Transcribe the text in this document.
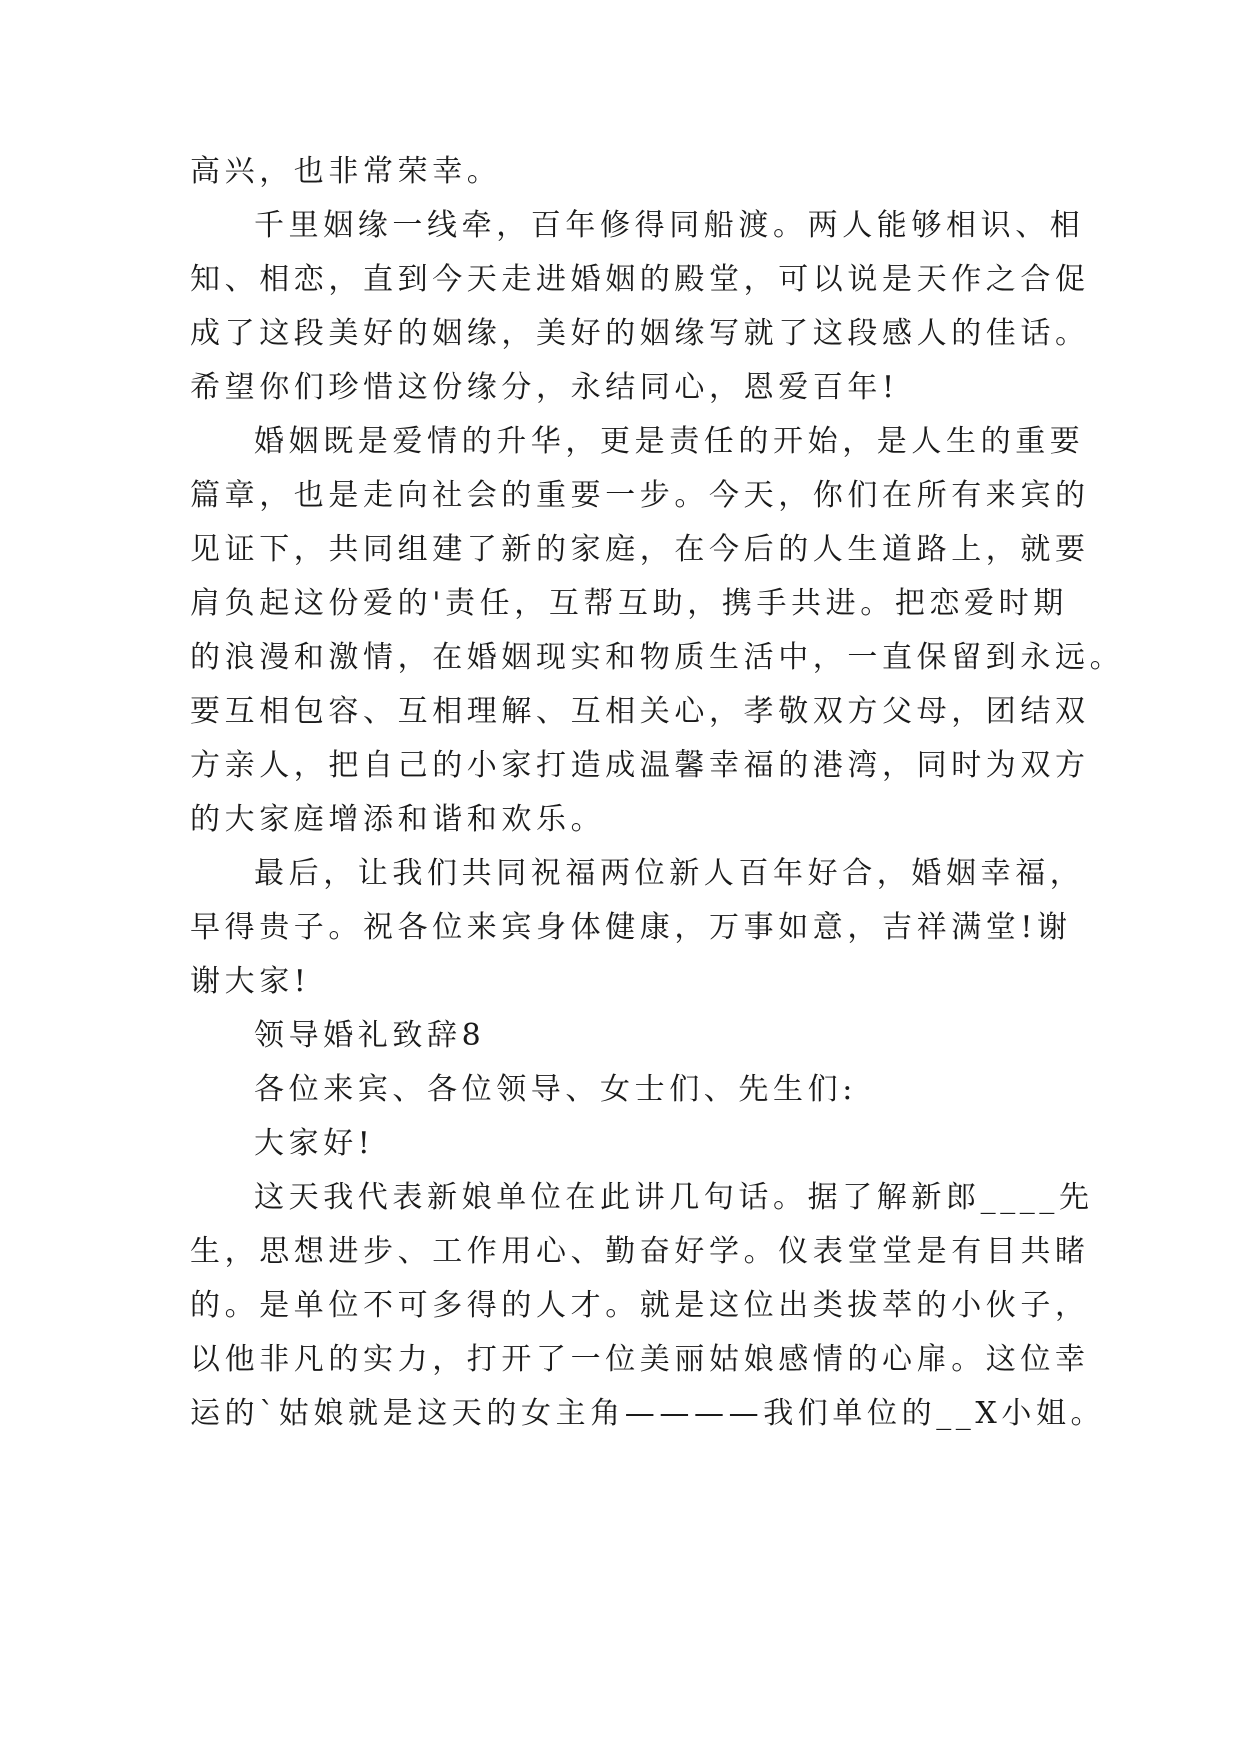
高兴，也非常荣幸。
千里姻缘一线牵，百年修得同船渡。两人能够相识、相
知、相恋，直到今天走进婚姻的殿堂，可以说是天作之合促
成了这段美好的姻缘，美好的姻缘写就了这段感人的佳话。
希望你们珍惜这份缘分，永结同心，恩爱百年!
婚姻既是爱情的升华，更是责任的开始，是人生的重要
篇章，也是走向社会的重要一步。今天，你们在所有来宾的
见证下，共同组建了新的家庭，在今后的人生道路上，就要
肩负起这份爱的'责任，互帮互助，携手共进。把恋爱时期
的浪漫和激情，在婚姻现实和物质生活中，一直保留到永远。
要互相包容、互相理解、互相关心，孝敬双方父母，团结双
方亲人，把自己的小家打造成温馨幸福的港湾，同时为双方
的大家庭增添和谐和欢乐。
最后，让我们共同祝福两位新人百年好合，婚姻幸福，
早得贵子。祝各位来宾身体健康，万事如意，吉祥满堂!谢
谢大家!
领导婚礼致辞8
各位来宾、各位领导、女士们、先生们:
大家好!
这天我代表新娘单位在此讲几句话。据了解新郎____先
生，思想进步、工作用心、勤奋好学。仪表堂堂是有目共睹
的。是单位不可多得的人才。就是这位出类拔萃的小伙子，
以他非凡的实力，打开了一位美丽姑娘感情的心扉。这位幸
运的`姑娘就是这天的女主角————我们单位的__X小姐。
